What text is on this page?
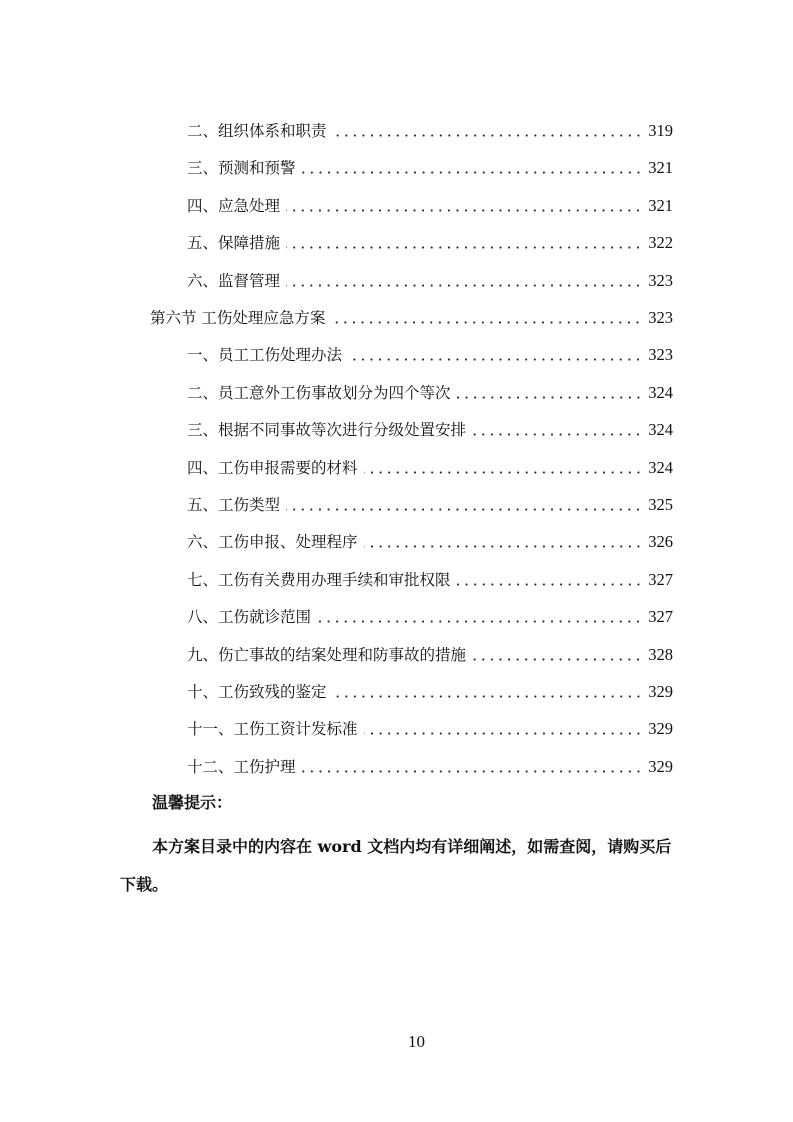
二、组织体系和职责	319
三、预测和预警	321
四、应急处理	321
五、保障措施	322
六、监督管理	323
第六节 工伤处理应急方案	323
一、员工工伤处理办法	323
二、员工意外工伤事故划分为四个等次	324
三、根据不同事故等次进行分级处置安排	324
四、工伤申报需要的材料	324
五、工伤类型	325
六、工伤申报、处理程序	326
七、工伤有关费用办理手续和审批权限	327
八、工伤就诊范围	327
九、伤亡事故的结案处理和防事故的措施	328
十、工伤致残的鉴定	329
十一、工伤工资计发标准	329
十二、工伤护理	329
温馨提示：
本方案目录中的内容在 word 文档内均有详细阐述，如需查阅，请购买后下载。
10
